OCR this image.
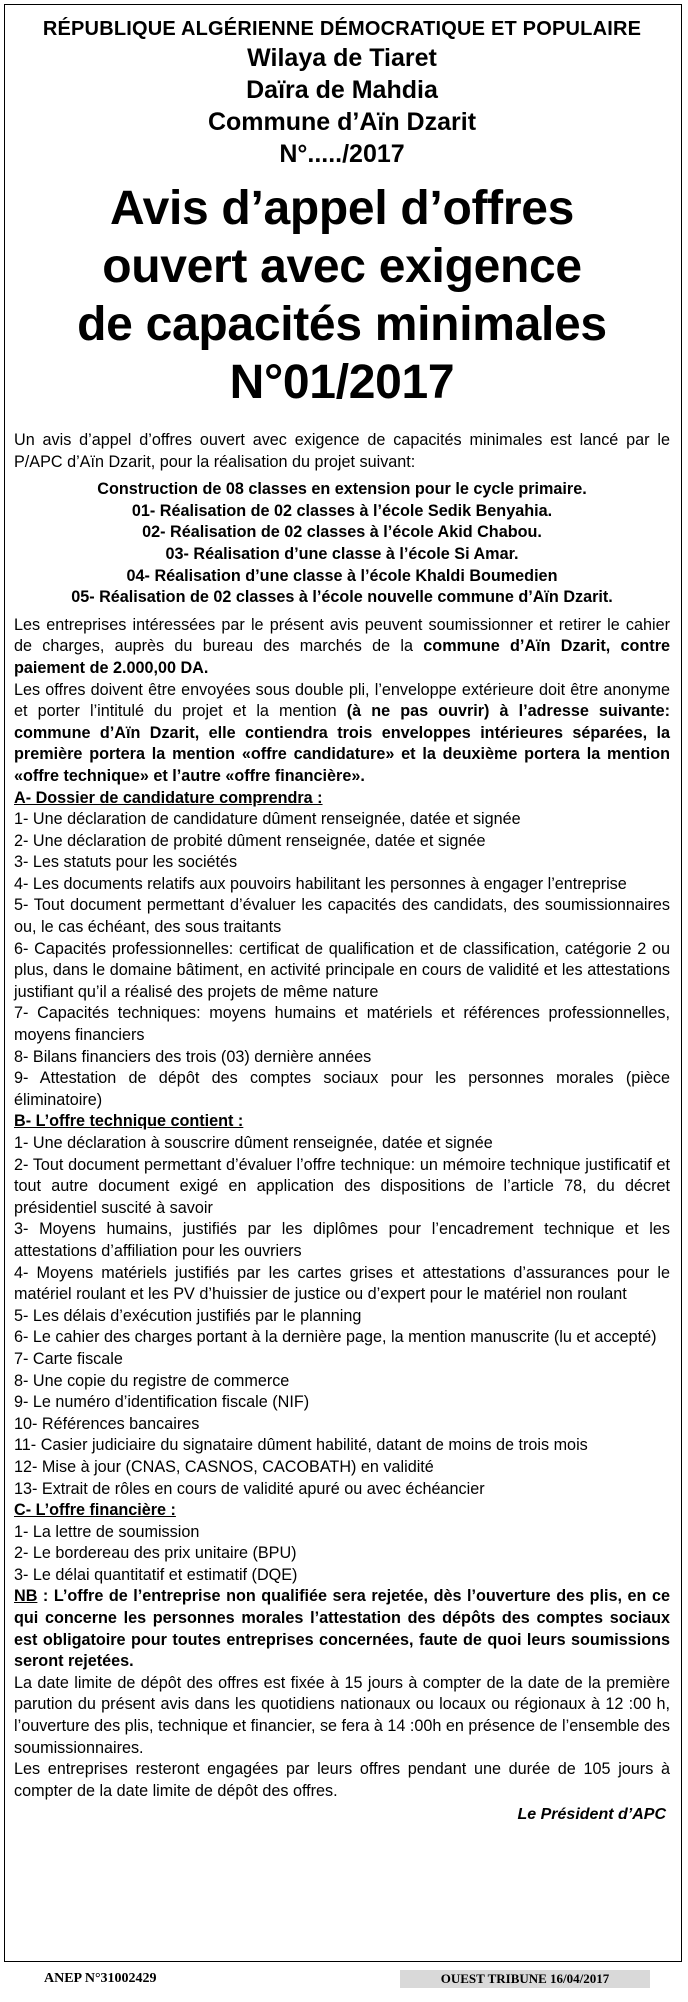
RÉPUBLIQUE ALGÉRIENNE DÉMOCRATIQUE ET POPULAIRE

Wilaya de Tiaret

Daïra de Mahdia

Commune d’Aïn Dzarit

N°...../2017

Avis d’appel d’offres
ouvert avec exigence
de capacités minimales
N°01/2017

Un avis d’appel d’offres ouvert avec exigence de capacités minimales est lancé par le P/APC d’Aïn Dzarit, pour la réalisation du projet suivant:

Construction de 08 classes en extension pour le cycle primaire.
01- Réalisation de 02 classes à l’école Sedik Benyahia.
02- Réalisation de 02 classes à l’école Akid Chabou.
03- Réalisation d’une classe à l’école Si Amar.
04- Réalisation d’une classe à l’école Khaldi Boumedien
05- Réalisation de 02 classes à l’école nouvelle commune d’Aïn Dzarit.

Les entreprises intéressées par le présent avis peuvent soumissionner et retirer le cahier de charges, auprès du bureau des marchés de la commune d’Aïn Dzarit, contre paiement de 2.000,00 DA.

Les offres doivent être envoyées sous double pli, l’enveloppe extérieure doit être anonyme et porter l’intitulé du projet et la mention (à ne pas ouvrir) à l’adresse suivante: commune d’Aïn Dzarit, elle contiendra trois enveloppes intérieures séparées, la première portera la mention «offre candidature» et la deuxième portera la mention «offre technique» et l’autre «offre financière».

A- Dossier de candidature comprendra :

1- Une déclaration de candidature dûment renseignée, datée et signée

2- Une déclaration de probité dûment renseignée, datée et signée

3- Les statuts pour les sociétés

4- Les documents relatifs aux pouvoirs habilitant les personnes à engager l’entreprise

5- Tout document permettant d’évaluer les capacités des candidats, des soumissionnaires ou, le cas échéant, des sous traitants

6- Capacités professionnelles: certificat de qualification et de classification, catégorie 2 ou plus, dans le domaine bâtiment, en activité principale en cours de validité et les attestations justifiant qu’il a réalisé des projets de même nature

7- Capacités techniques: moyens humains et matériels et références professionnelles, moyens financiers

8- Bilans financiers des trois (03) dernière années

9- Attestation de dépôt des comptes sociaux pour les personnes morales (pièce éliminatoire)

B- L’offre technique contient :

1- Une déclaration à souscrire dûment renseignée, datée et signée

2- Tout document permettant d’évaluer l’offre technique: un mémoire technique justificatif et tout autre document exigé en application des dispositions de l’article 78, du décret présidentiel suscité à savoir

3- Moyens humains, justifiés par les diplômes pour l’encadrement technique et les attestations d’affiliation pour les ouvriers

4- Moyens matériels justifiés par les cartes grises et attestations d’assurances pour le matériel roulant et les PV d’huissier de justice ou d’expert pour le matériel non roulant

5- Les délais d’exécution justifiés par le planning

6- Le cahier des charges portant à la dernière page, la mention manuscrite (lu et accepté)

7- Carte fiscale

8- Une copie du registre de commerce

9- Le numéro d’identification fiscale (NIF)

10- Références bancaires

11- Casier judiciaire du signataire dûment habilité, datant de moins de trois mois

12- Mise à jour (CNAS, CASNOS, CACOBATH) en validité

13- Extrait de rôles en cours de validité apuré ou avec échéancier

C- L’offre financière :

1- La lettre de soumission

2- Le bordereau des prix unitaire (BPU)

3- Le délai quantitatif et estimatif (DQE)

NB : L’offre de l’entreprise non qualifiée sera rejetée, dès l’ouverture des plis, en ce qui concerne les personnes morales l’attestation des dépôts des comptes sociaux est obligatoire pour toutes entreprises concernées, faute de quoi leurs soumissions seront rejetées.

La date limite de dépôt des offres est fixée à 15 jours à compter de la date de la première parution du présent avis dans les quotidiens nationaux ou locaux ou régionaux à 12 :00 h, l’ouverture des plis, technique et financier, se fera à 14 :00h en présence de l’ensemble des soumissionnaires.

Les entreprises resteront engagées par leurs offres pendant une durée de 105 jours à compter de la date limite de dépôt des offres.

Le Président d’APC
ANEP N°31002429	OUEST TRIBUNE 16/04/2017
